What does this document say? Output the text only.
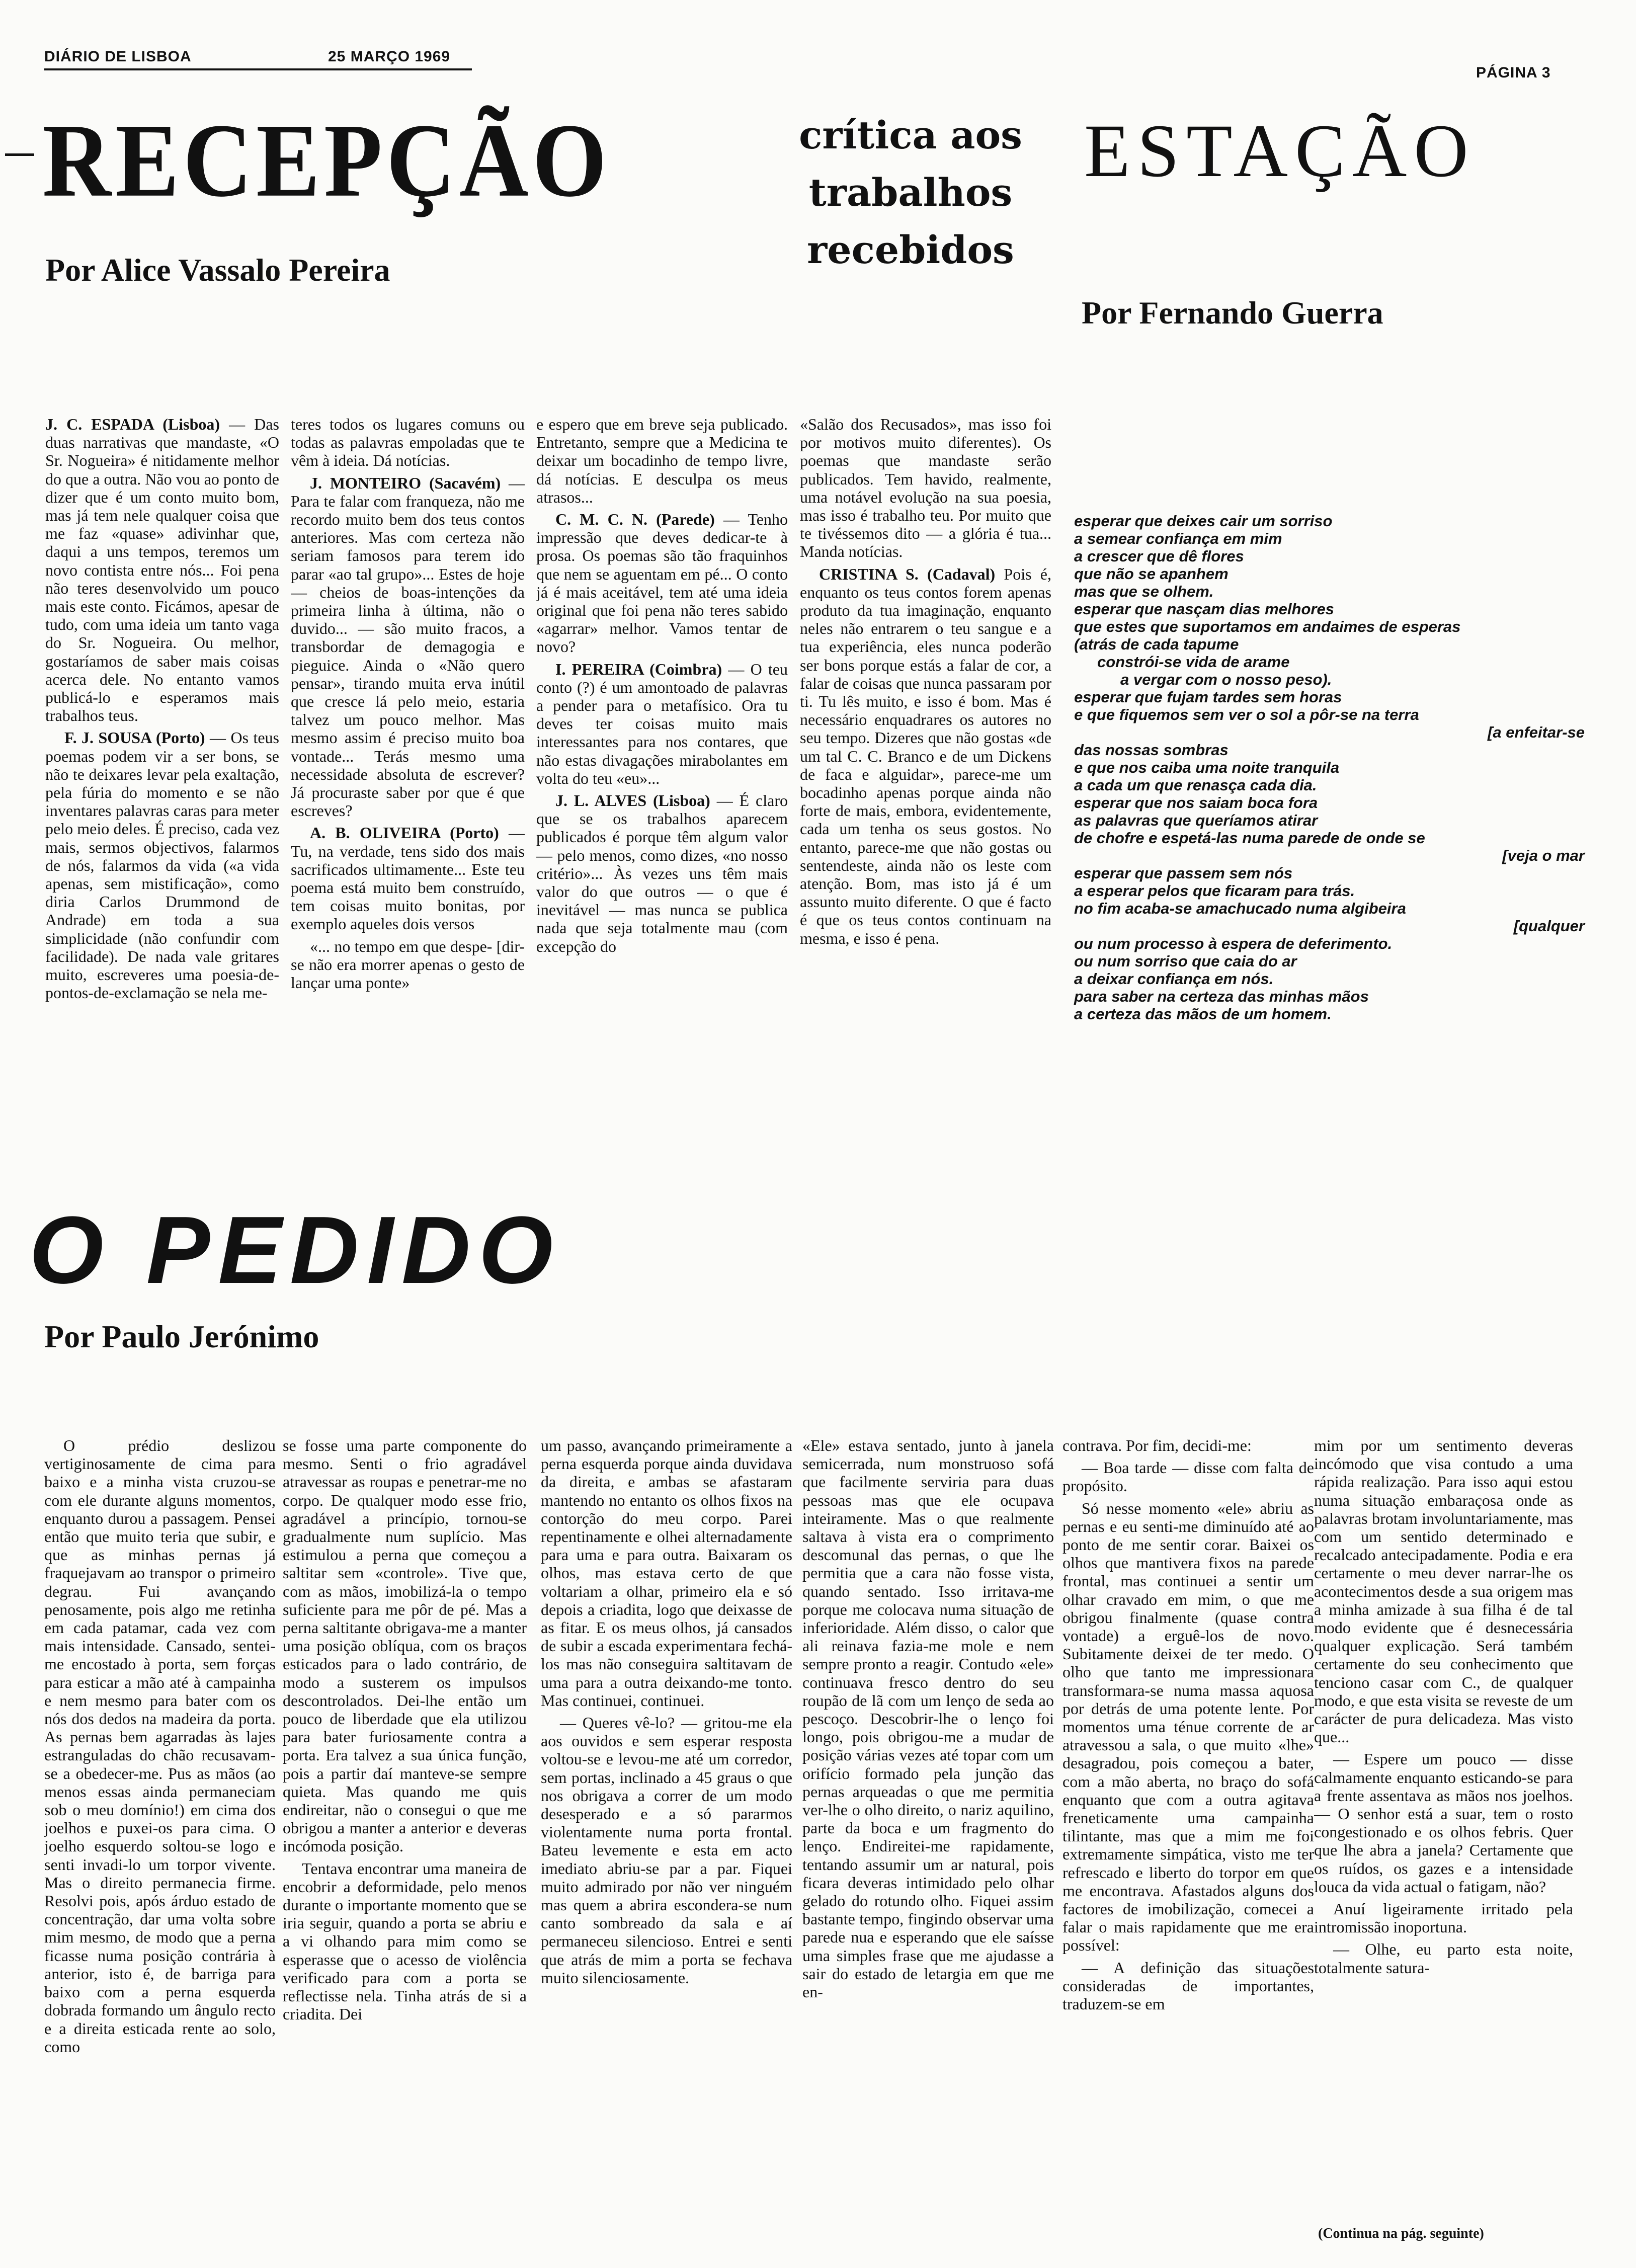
DIÁRIO DE LISBOA	25 MARÇO 1969
PÁGINA 3
RECEPÇÃO
Por Alice Vassalo Pereira
crítica aos
trabalhos
recebidos
ESTAÇÃO
Por Fernando Guerra

J. C. ESPADA (Lisboa) — Das duas narrativas que mandaste, «O Sr. Nogueira» é nitidamente melhor do que a outra. Não vou ao ponto de dizer que é um conto muito bom, mas já tem nele qualquer coisa que me faz «quase» adivinhar que, daqui a uns tempos, teremos um novo contista entre nós... Foi pena não teres desenvolvido um pouco mais este conto. Ficámos, apesar de tudo, com uma ideia um tanto vaga do Sr. Nogueira. Ou melhor, gostaríamos de saber mais coisas acerca dele. No entanto vamos publicá-lo e esperamos mais trabalhos teus.

F. J. SOUSA (Porto) — Os teus poemas podem vir a ser bons, se não te deixares levar pela exaltação, pela fúria do momento e se não inventares palavras caras para meter pelo meio deles. É preciso, cada vez mais, sermos objectivos, falarmos de nós, falarmos da vida («a vida apenas, sem mistificação», como diria Carlos Drummond de Andrade) em toda a sua simplicidade (não confundir com facilidade). De nada vale gritares muito, escreveres uma poesia-de-pontos-de-exclamação se nela me-

teres todos os lugares comuns ou todas as palavras empoladas que te vêm à ideia. Dá notícias.

J. MONTEIRO (Sacavém) — Para te falar com franqueza, não me recordo muito bem dos teus contos anteriores. Mas com certeza não seriam famosos para terem ido parar «ao tal grupo»... Estes de hoje — cheios de boas-intenções da primeira linha à última, não o duvido... — são muito fracos, a transbordar de demagogia e pieguice. Ainda o «Não quero pensar», tirando muita erva inútil que cresce lá pelo meio, estaria talvez um pouco melhor. Mas mesmo assim é preciso muito boa vontade... Terás mesmo uma necessidade absoluta de escrever? Já procuraste saber por que é que escreves?

A. B. OLIVEIRA (Porto) — Tu, na verdade, tens sido dos mais sacrificados ultimamente... Este teu poema está muito bem construído, tem coisas muito bonitas, por exemplo aqueles dois versos

«... no tempo em que despe- [dir-se não era morrer apenas o gesto de lançar uma ponte»

e espero que em breve seja publicado. Entretanto, sempre que a Medicina te deixar um bocadinho de tempo livre, dá notícias. E desculpa os meus atrasos...

C. M. C. N. (Parede) — Tenho impressão que deves dedicar-te à prosa. Os poemas são tão fraquinhos que nem se aguentam em pé... O conto já é mais aceitável, tem até uma ideia original que foi pena não teres sabido «agarrar» melhor. Vamos tentar de novo?

I. PEREIRA (Coimbra) — O teu conto (?) é um amontoado de palavras a pender para o metafísico. Ora tu deves ter coisas muito mais interessantes para nos contares, que não estas divagações mirabolantes em volta do teu «eu»...

J. L. ALVES (Lisboa) — É claro que se os trabalhos aparecem publicados é porque têm algum valor — pelo menos, como dizes, «no nosso critério»... Às vezes uns têm mais valor do que outros — o que é inevitável — mas nunca se publica nada que seja totalmente mau (com excepção do

«Salão dos Recusados», mas isso foi por motivos muito diferentes). Os poemas que mandaste serão publicados. Tem havido, realmente, uma notável evolução na sua poesia, mas isso é trabalho teu. Por muito que te tivéssemos dito — a glória é tua... Manda notícias.

CRISTINA S. (Cadaval) Pois é, enquanto os teus contos forem apenas produto da tua imaginação, enquanto neles não entrarem o teu sangue e a tua experiência, eles nunca poderão ser bons porque estás a falar de cor, a falar de coisas que nunca passaram por ti. Tu lês muito, e isso é bom. Mas é necessário enquadrares os autores no seu tempo. Dizeres que não gostas «de um tal C. C. Branco e de um Dickens de faca e alguidar», parece-me um bocadinho apenas porque ainda não forte de mais, embora, evidentemente, cada um tenha os seus gostos. No entanto, parece-me que não gostas ou sentendeste, ainda não os leste com atenção. Bom, mas isto já é um assunto muito diferente. O que é facto é que os teus contos continuam na mesma, e isso é pena.

esperar que deixes cair um sorriso
a semear confiança em mim
a crescer que dê flores
que não se apanhem
mas que se olhem.
esperar que nasçam dias melhores
que estes que suportamos em andaimes de esperas
(atrás de cada tapume
constrói-se vida de arame
a vergar com o nosso peso).
esperar que fujam tardes sem horas
e que fiquemos sem ver o sol a pôr-se na terra
[a enfeitar-se
das nossas sombras
e que nos caiba uma noite tranquila
a cada um que renasça cada dia.
esperar que nos saiam boca fora
as palavras que queríamos atirar
de chofre e espetá-las numa parede de onde se
[veja o mar
esperar que passem sem nós
a esperar pelos que ficaram para trás.
no fim acaba-se amachucado numa algibeira
[qualquer
ou num processo à espera de deferimento.
ou num sorriso que caia do ar
a deixar confiança em nós.
para saber na certeza das minhas mãos
a certeza das mãos de um homem.
O PEDIDO
Por Paulo Jerónimo

O prédio deslizou vertiginosamente de cima para baixo e a minha vista cruzou-se com ele durante alguns momentos, enquanto durou a passagem. Pensei então que muito teria que subir, e que as minhas pernas já fraquejavam ao transpor o primeiro degrau. Fui avançando penosamente, pois algo me retinha em cada patamar, cada vez com mais intensidade. Cansado, sentei-me encostado à porta, sem forças para esticar a mão até à campainha e nem mesmo para bater com os nós dos dedos na madeira da porta. As pernas bem agarradas às lajes estranguladas do chão recusavam-se a obedecer-me. Pus as mãos (ao menos essas ainda permaneciam sob o meu domínio!) em cima dos joelhos e puxei-os para cima. O joelho esquerdo soltou-se logo e senti invadi-lo um torpor vivente. Mas o direito permanecia firme. Resolvi pois, após árduo estado de concentração, dar uma volta sobre mim mesmo, de modo que a perna ficasse numa posição contrária à anterior, isto é, de barriga para baixo com a perna esquerda dobrada formando um ângulo recto e a direita esticada rente ao solo, como

se fosse uma parte componente do mesmo. Senti o frio agradável atravessar as roupas e penetrar-me no corpo. De qualquer modo esse frio, agradável a princípio, tornou-se gradualmente num suplício. Mas estimulou a perna que começou a saltitar sem «controle». Tive que, com as mãos, imobilizá-la o tempo suficiente para me pôr de pé. Mas a perna saltitante obrigava-me a manter uma posição oblíqua, com os braços esticados para o lado contrário, de modo a susterem os impulsos descontrolados. Dei-lhe então um pouco de liberdade que ela utilizou para bater furiosamente contra a porta. Era talvez a sua única função, pois a partir daí manteve-se sempre quieta. Mas quando me quis endireitar, não o consegui o que me obrigou a manter a anterior e deveras incómoda posição.

Tentava encontrar uma maneira de encobrir a deformidade, pelo menos durante o importante momento que se iria seguir, quando a porta se abriu e a vi olhando para mim como se esperasse que o acesso de violência verificado para com a porta se reflectisse nela. Tinha atrás de si a criadita. Dei

um passo, avançando primeiramente a perna esquerda porque ainda duvidava da direita, e ambas se afastaram mantendo no entanto os olhos fixos na contorção do meu corpo. Parei repentinamente e olhei alternadamente para uma e para outra. Baixaram os olhos, mas estava certo de que voltariam a olhar, primeiro ela e só depois a criadita, logo que deixasse de as fitar. E os meus olhos, já cansados de subir a escada experimentara fechá-los mas não conseguira saltitavam de uma para a outra deixando-me tonto. Mas continuei, continuei.

— Queres vê-lo? — gritou-me ela aos ouvidos e sem esperar resposta voltou-se e levou-me até um corredor, sem portas, inclinado a 45 graus o que nos obrigava a correr de um modo desesperado e a só pararmos violentamente numa porta frontal. Bateu levemente e esta em acto imediato abriu-se par a par. Fiquei muito admirado por não ver ninguém mas quem a abrira esconderа-se num canto sombreado da sala e aí permaneceu silencioso. Entrei e senti que atrás de mim a porta se fechava muito silenciosamente.

«Ele» estava sentado, junto à janela semicerrada, num monstruoso sofá que facilmente serviria para duas pessoas mas que ele ocupava inteiramente. Mas o que realmente saltava à vista era o comprimento descomunal das pernas, o que lhe permitia que a cara não fosse vista, quando sentado. Isso irritava-me porque me colocava numa situação de inferioridade. Além disso, o calor que ali reinava fazia-me mole e nem sempre pronto a reagir. Contudo «ele» continuava fresco dentro do seu roupão de lã com um lenço de seda ao pescoço. Descobrir-lhe o lenço foi longo, pois obrigou-me a mudar de posição várias vezes até topar com um orifício formado pela junção das pernas arqueadas o que me permitia ver-lhe o olho direito, o nariz aquilino, parte da boca e um fragmento do lenço. Endireitei-me rapidamente, tentando assumir um ar natural, pois ficara deveras intimidado pelo olhar gelado do rotundo olho. Fiquei assim bastante tempo, fingindo observar uma parede nua e esperando que ele saísse uma simples frase que me ajudasse a sair do estado de letargia em que me en-

contrava. Por fim, decidi-me:

— Boa tarde — disse com falta de propósito.

Só nesse momento «ele» abriu as pernas e eu senti-me diminuído até ao ponto de me sentir corar. Baixei os olhos que mantivera fixos na parede frontal, mas continuei a sentir um olhar cravado em mim, o que me obrigou finalmente (quase contra vontade) a erguê-los de novo. Subitamente deixei de ter medo. O olho que tanto me impressionara transformara-se numa massa aquosa por detrás de uma potente lente. Por momentos uma ténue corrente de ar atravessou a sala, o que muito «lhe» desagradou, pois começou a bater, com a mão aberta, no braço do sofá enquanto que com a outra agitava freneticamente uma campainha tilintante, mas que a mim me foi extremamente simpática, visto me ter refrescado e liberto do torpor em que me encontrava. Afastados alguns dos factores de imobilização, comecei a falar o mais rapidamente que me era possível:

— A definição das situações consideradas de importantes, traduzem-se em

mim por um sentimento deveras incómodo que visa contudo a uma rápida realização. Para isso aqui estou numa situação embaraçosa onde as palavras brotam involuntariamente, mas com um sentido determinado e recalcado antecipadamente. Podia e era certamente o meu dever narrar-lhe os acontecimentos desde a sua origem mas a minha amizade à sua filha é de tal modo evidente que é desnecessária qualquer explicação. Será também certamente do seu conhecimento que tenciono casar com C., de qualquer modo, e que esta visita se reveste de um carácter de pura delicadeza. Mas visto que...

— Espere um pouco — disse calmamente enquanto esticando-se para a frente assentava as mãos nos joelhos. — O senhor está a suar, tem o rosto congestionado e os olhos febris. Quer que lhe abra a janela? Certamente que os ruídos, os gazes e a intensidade louca da vida actual o fatigam, não?

Anuí ligeiramente irritado pela intromissão inoportuna.

— Olhe, eu parto esta noite, totalmente satura-

(Continua na pág. seguinte)
